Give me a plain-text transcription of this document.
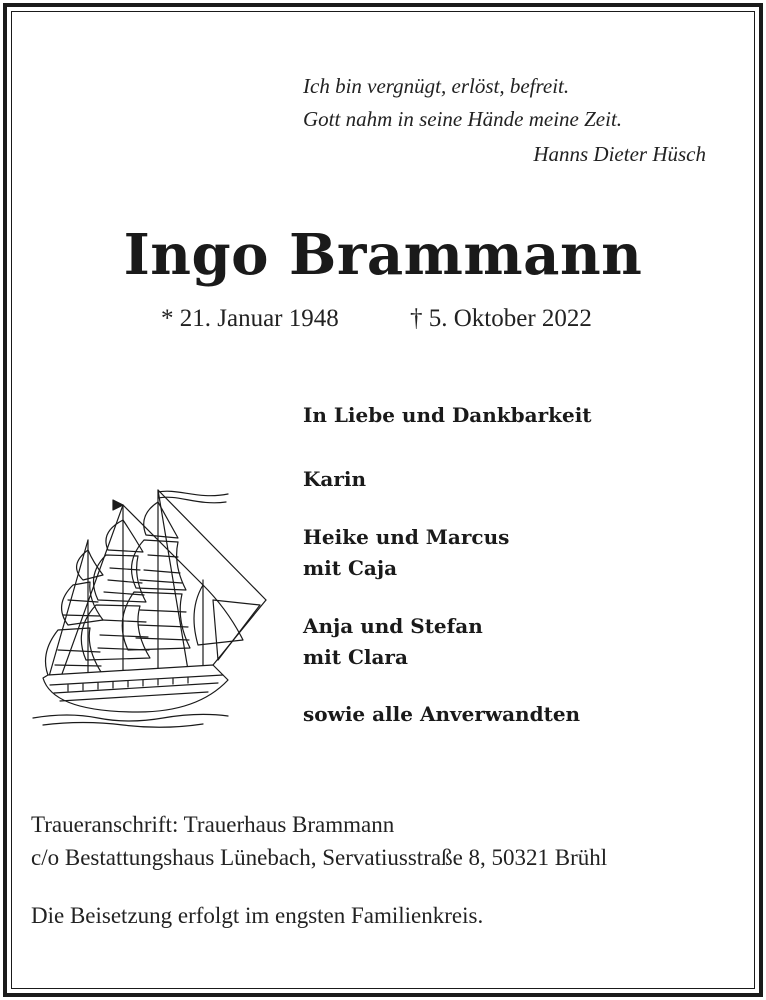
Ich bin vergnügt, erlöst, befreit.
Gott nahm in seine Hände meine Zeit.
Hanns Dieter Hüsch
Ingo Brammann
* 21. Januar 1948	† 5. Oktober 2022
In Liebe und Dankbarkeit
Karin
Heike und Marcus
mit Caja
Anja und Stefan
mit Clara
sowie alle Anverwandten
Traueranschrift: Trauerhaus Brammann
c/o Bestattungshaus Lünebach, Servatiusstraße 8, 50321 Brühl
Die Beisetzung erfolgt im engsten Familienkreis.
